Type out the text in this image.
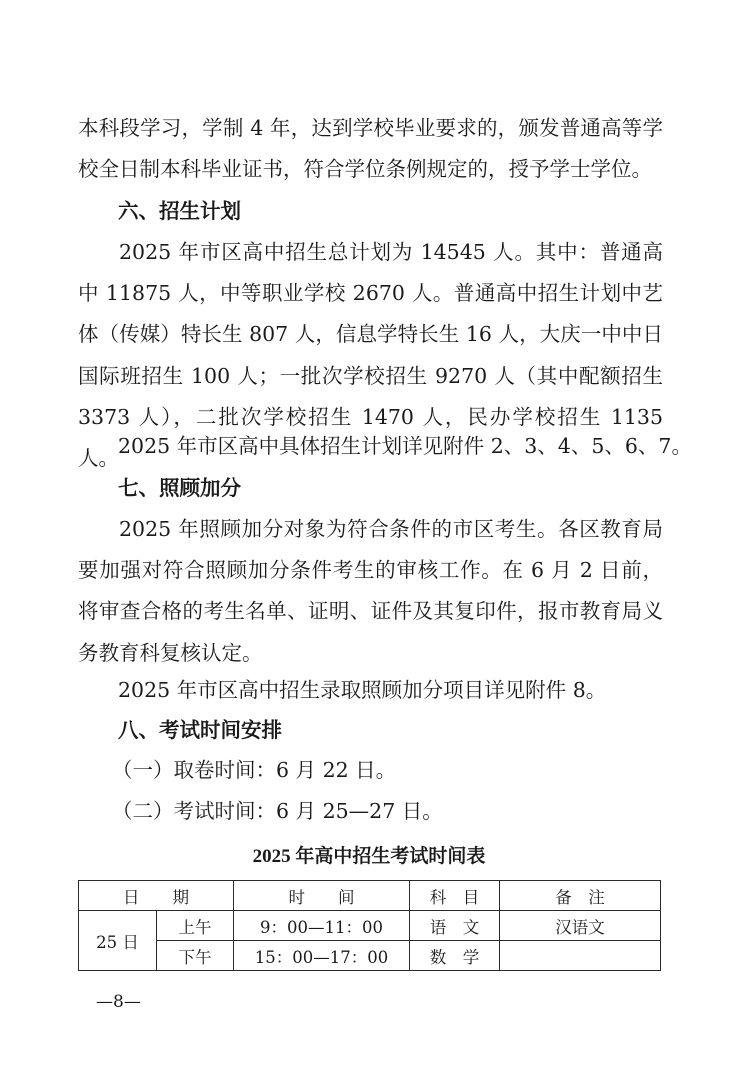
本科段学习，学制 4 年，达到学校毕业要求的，颁发普通高等学校全日制本科毕业证书，符合学位条例规定的，授予学士学位。

六、招生计划

2025 年市区高中招生总计划为 14545 人。其中：普通高中 11875 人，中等职业学校 2670 人。普通高中招生计划中艺体（传媒）特长生 807 人，信息学特长生 16 人，大庆一中中日国际班招生 100 人；一批次学校招生 9270 人（其中配额招生 3373 人），二批次学校招生 1470 人，民办学校招生 1135 人。

2025 年市区高中具体招生计划详见附件 2、3、4、5、6、7。

七、照顾加分

2025 年照顾加分对象为符合条件的市区考生。各区教育局要加强对符合照顾加分条件考生的审核工作。在 6 月 2 日前，将审查合格的考生名单、证明、证件及其复印件，报市教育局义务教育科复核认定。

2025 年市区高中招生录取照顾加分项目详见附件 8。

八、考试时间安排

（一）取卷时间：6 月 22 日。

（二）考试时间：6 月 25—27 日。

2025 年高中招生考试时间表
日　　期		时　　间	科　目	备　注
25 日	上午	9：00—11：00	语　文	汉语文
	下午	15：00—17：00	数　学	
—8—
